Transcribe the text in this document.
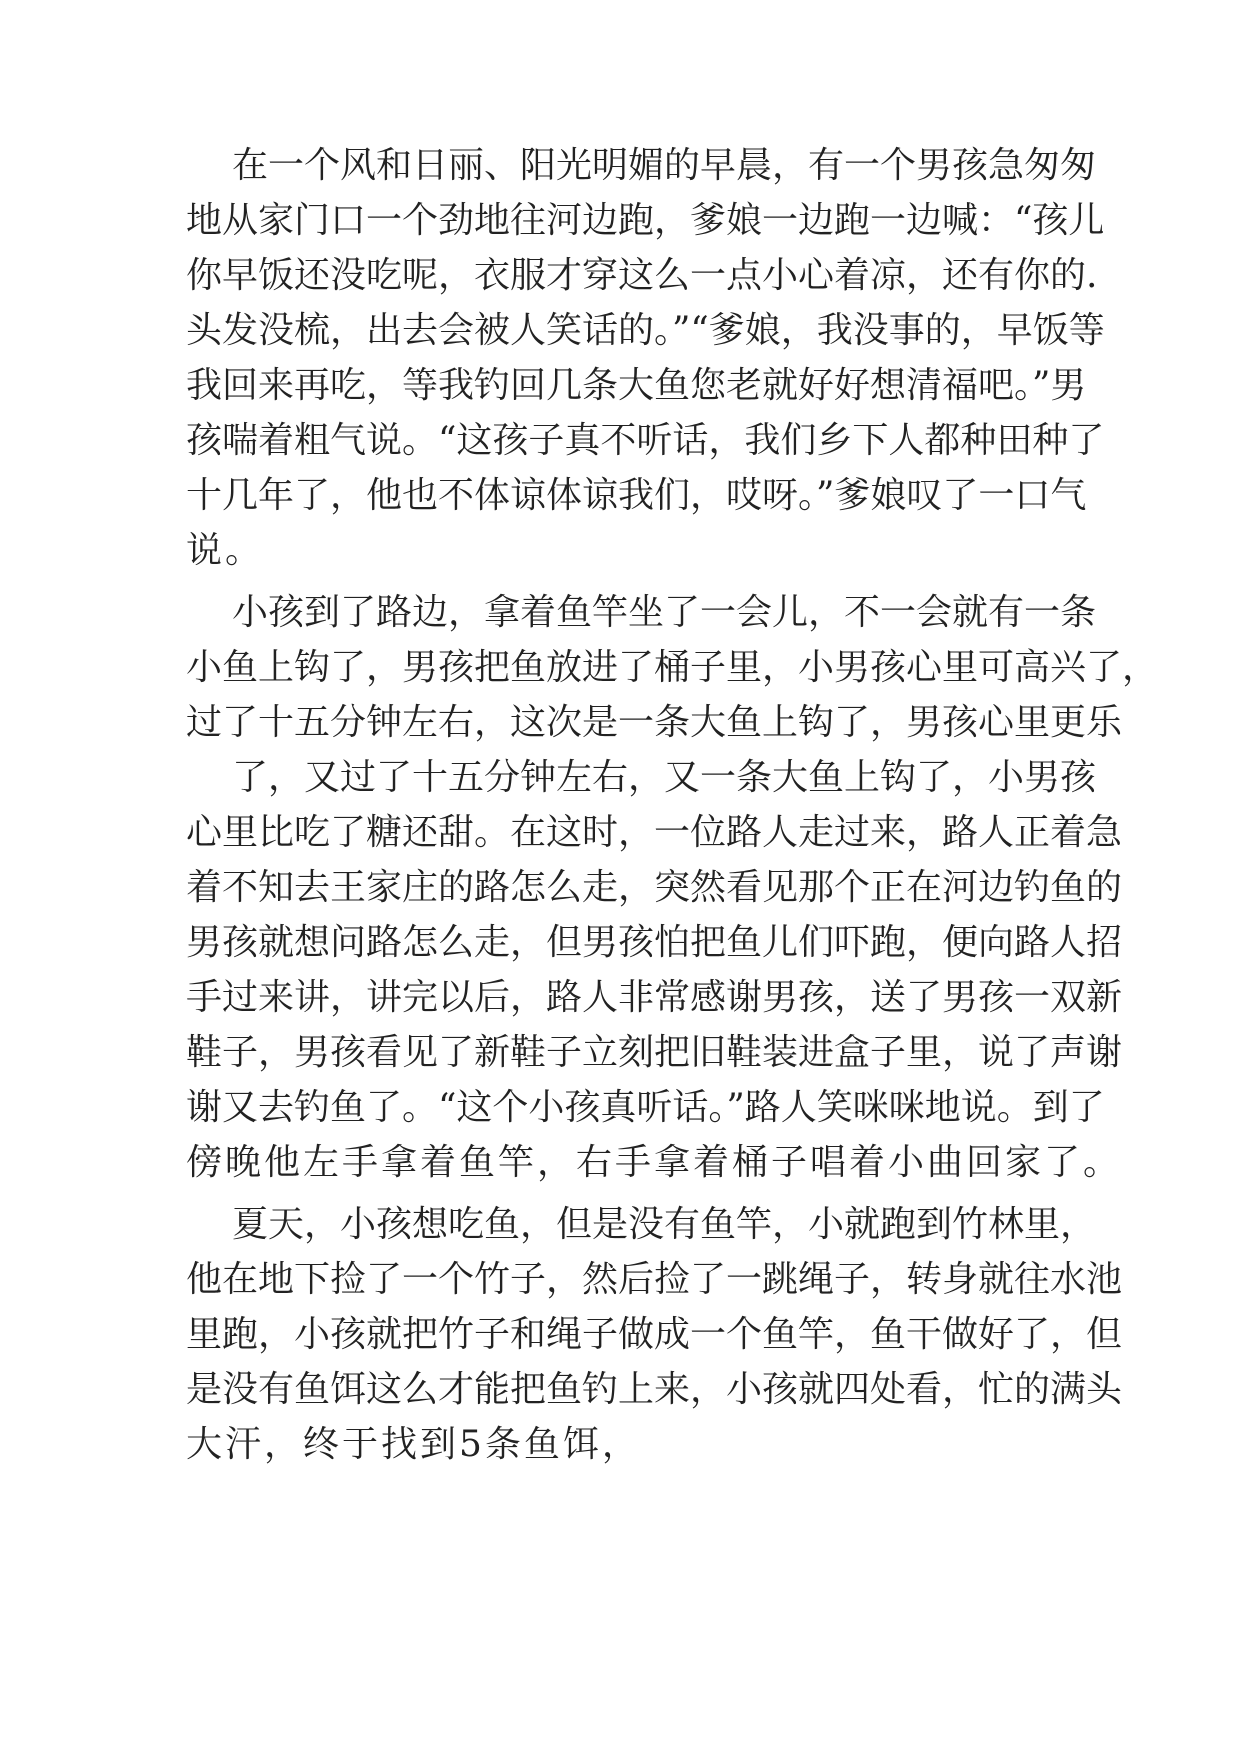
在一个风和日丽、阳光明媚的早晨，有一个男孩急匆匆

地从家门口一个劲地往河边跑，爹娘一边跑一边喊：“孩儿

你早饭还没吃呢，衣服才穿这么一点小心着凉，还有你的.

头发没梳，出去会被人笑话的。”“爹娘，我没事的，早饭等

我回来再吃，等我钓回几条大鱼您老就好好想清福吧。”男

孩喘着粗气说。“这孩子真不听话，我们乡下人都种田种了

十几年了，他也不体谅体谅我们，哎呀。”爹娘叹了一口气

说。

小孩到了路边，拿着鱼竿坐了一会儿，不一会就有一条

小鱼上钩了，男孩把鱼放进了桶子里，小男孩心里可高兴了，

过了十五分钟左右，这次是一条大鱼上钩了，男孩心里更乐

了，又过了十五分钟左右，又一条大鱼上钩了，小男孩

心里比吃了糖还甜。在这时，一位路人走过来，路人正着急

着不知去王家庄的路怎么走，突然看见那个正在河边钓鱼的

男孩就想问路怎么走，但男孩怕把鱼儿们吓跑，便向路人招

手过来讲，讲完以后，路人非常感谢男孩，送了男孩一双新

鞋子，男孩看见了新鞋子立刻把旧鞋装进盒子里，说了声谢

谢又去钓鱼了。“这个小孩真听话。”路人笑咪咪地说。到了

傍晚他左手拿着鱼竿，右手拿着桶子唱着小曲回家了。

夏天，小孩想吃鱼，但是没有鱼竿，小就跑到竹林里，

他在地下捡了一个竹子，然后捡了一跳绳子，转身就往水池

里跑，小孩就把竹子和绳子做成一个鱼竿，鱼干做好了，但

是没有鱼饵这么才能把鱼钓上来，小孩就四处看，忙的满头

大汗，终于找到5条鱼饵，
